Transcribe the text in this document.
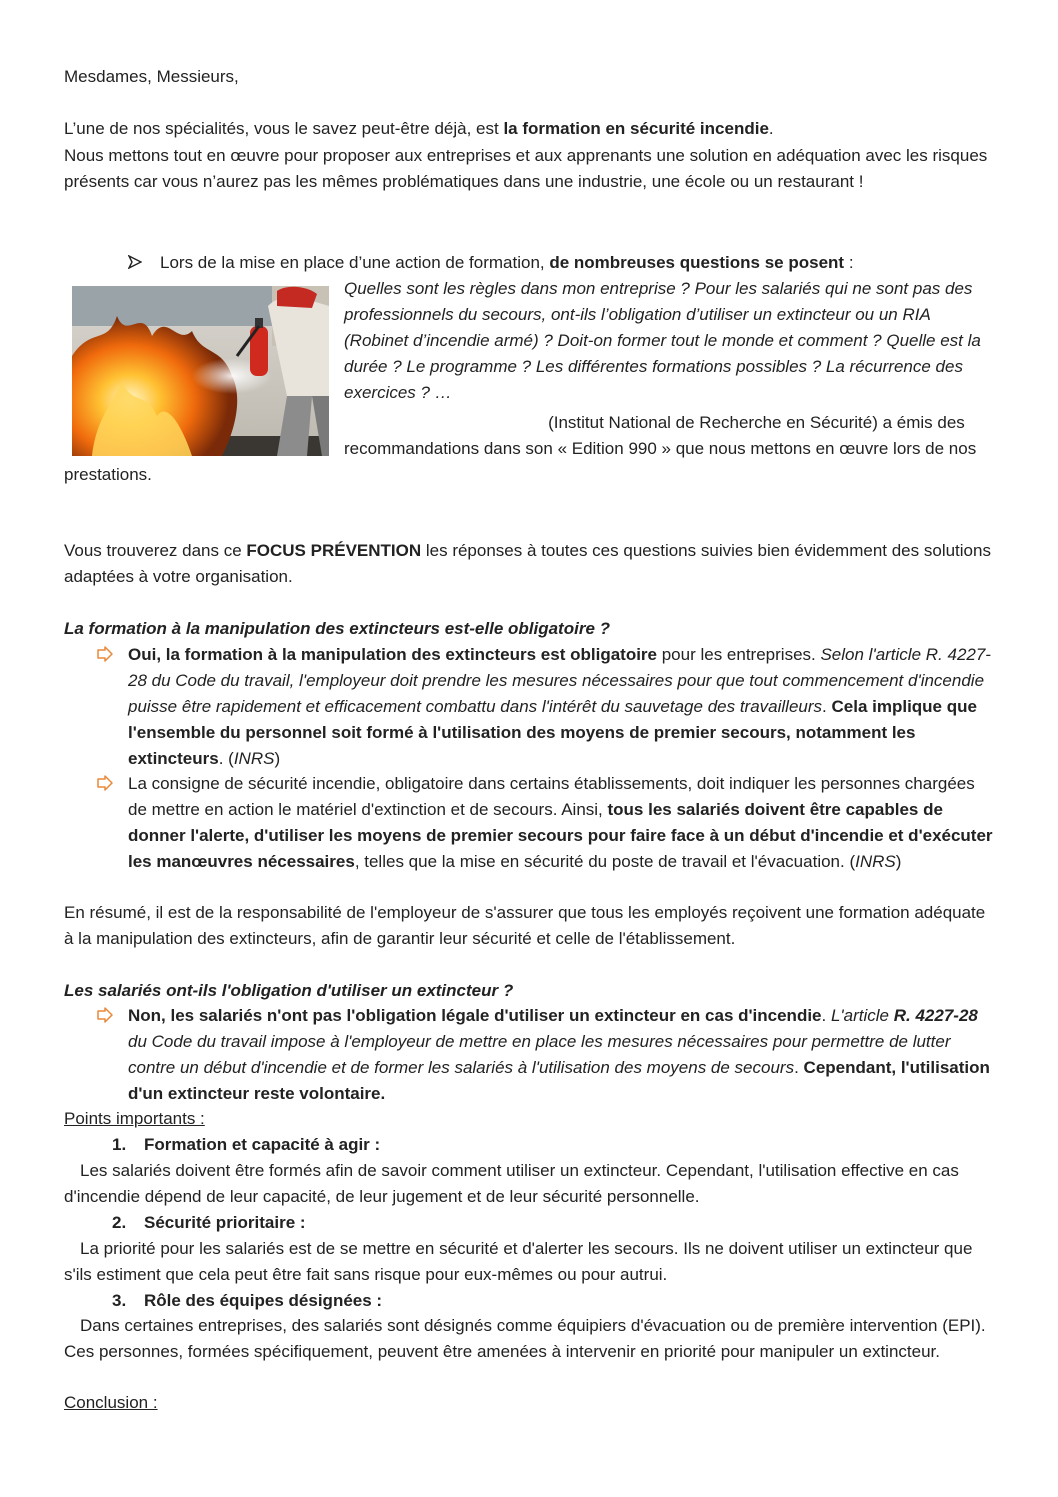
Mesdames, Messieurs,

L’une de nos spécialités, vous le savez peut-être déjà, est la formation en sécurité incendie.

Nous mettons tout en œuvre pour proposer aux entreprises et aux apprenants une solution en adéquation avec les risques présents car vous n’aurez pas les mêmes problématiques dans une industrie, une école ou un restaurant !

Lors de la mise en place d’une action de formation, de nombreuses questions se posent :

Quelles sont les règles dans mon entreprise ? Pour les salariés qui ne sont pas des professionnels du secours, ont-ils l’obligation d’utiliser un extincteur ou un RIA (Robinet d’incendie armé) ? Doit-on former tout le monde et comment ? Quelle est la durée ? Le programme ? Les différentes formations possibles ? La récurrence des exercices ? …

(Institut National de Recherche en Sécurité) a émis des recommandations dans son « Edition 990 » que nous mettons en œuvre lors de nos prestations.

Vous trouverez dans ce FOCUS PRÉVENTION les réponses à toutes ces questions suivies bien évidemment des solutions adaptées à votre organisation.

La formation à la manipulation des extincteurs est-elle obligatoire ?

Oui, la formation à la manipulation des extincteurs est obligatoire pour les entreprises. Selon l'article R. 4227-28 du Code du travail, l'employeur doit prendre les mesures nécessaires pour que tout commencement d'incendie puisse être rapidement et efficacement combattu dans l'intérêt du sauvetage des travailleurs. Cela implique que l'ensemble du personnel soit formé à l'utilisation des moyens de premier secours, notamment les extincteurs. (INRS)

La consigne de sécurité incendie, obligatoire dans certains établissements, doit indiquer les personnes chargées de mettre en action le matériel d'extinction et de secours. Ainsi, tous les salariés doivent être capables de donner l'alerte, d'utiliser les moyens de premier secours pour faire face à un début d'incendie et d'exécuter les manœuvres nécessaires, telles que la mise en sécurité du poste de travail et l'évacuation. (INRS)

En résumé, il est de la responsabilité de l'employeur de s'assurer que tous les employés reçoivent une formation adéquate à la manipulation des extincteurs, afin de garantir leur sécurité et celle de l'établissement.

Les salariés ont-ils l'obligation d'utiliser un extincteur ?

Non, les salariés n'ont pas l'obligation légale d'utiliser un extincteur en cas d'incendie. L'article R. 4227-28 du Code du travail impose à l'employeur de mettre en place les mesures nécessaires pour permettre de lutter contre un début d'incendie et de former les salariés à l'utilisation des moyens de secours. Cependant, l'utilisation d'un extincteur reste volontaire.

Points importants :

1. Formation et capacité à agir :

Les salariés doivent être formés afin de savoir comment utiliser un extincteur. Cependant, l'utilisation effective en cas d'incendie dépend de leur capacité, de leur jugement et de leur sécurité personnelle.

2. Sécurité prioritaire :

La priorité pour les salariés est de se mettre en sécurité et d'alerter les secours. Ils ne doivent utiliser un extincteur que s'ils estiment que cela peut être fait sans risque pour eux-mêmes ou pour autrui.

3. Rôle des équipes désignées :

Dans certaines entreprises, des salariés sont désignés comme équipiers d'évacuation ou de première intervention (EPI). Ces personnes, formées spécifiquement, peuvent être amenées à intervenir en priorité pour manipuler un extincteur.

Conclusion :
